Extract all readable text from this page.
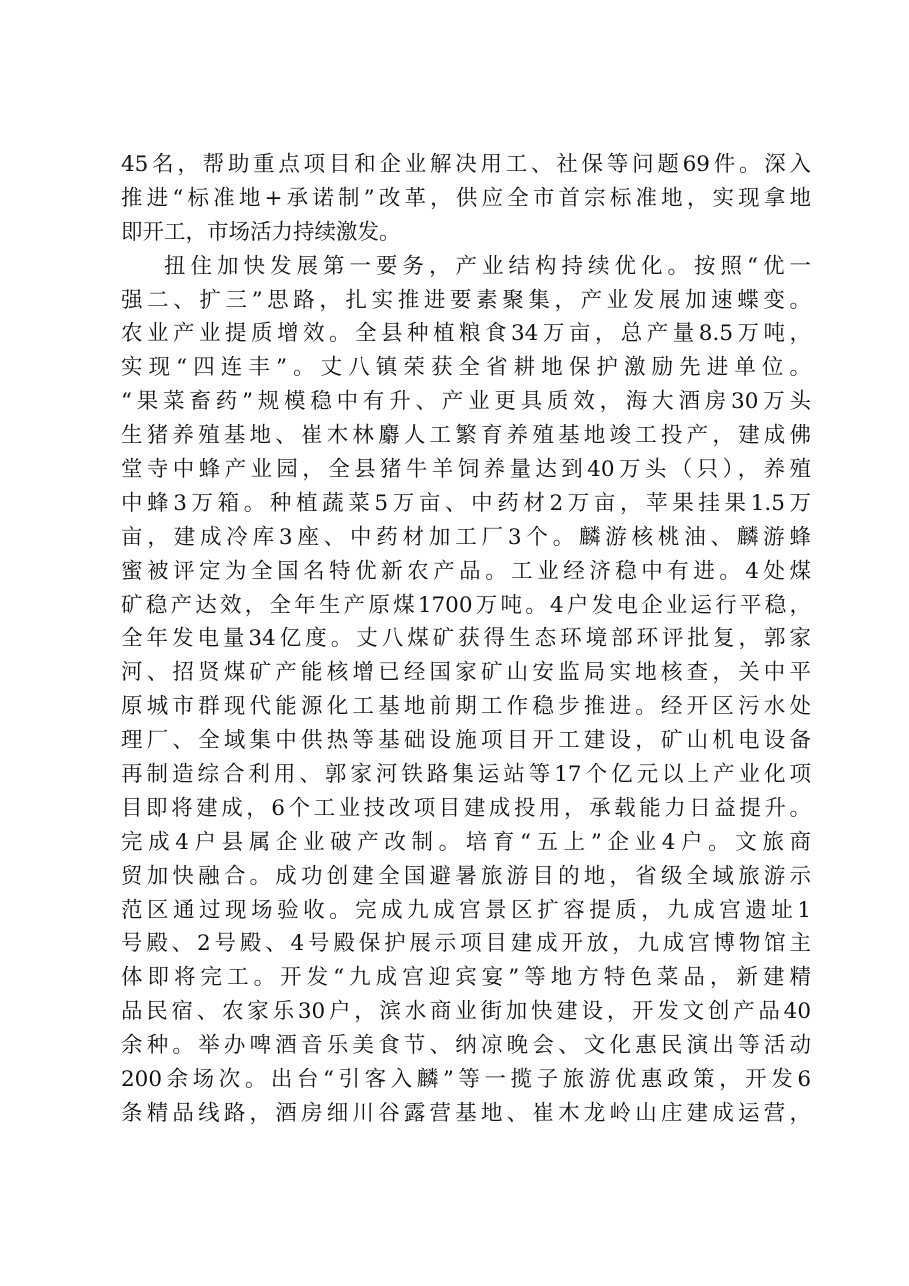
45名，帮助重点项目和企业解决用工、社保等问题69件。深入
推进“标准地+承诺制”改革，供应全市首宗标准地，实现拿地
即开工，市场活力持续激发。
扭住加快发展第一要务，产业结构持续优化。按照“优一
强二、扩三”思路，扎实推进要素聚集，产业发展加速蝶变。
农业产业提质增效。全县种植粮食34万亩，总产量8.5万吨，
实现“四连丰”。丈八镇荣获全省耕地保护激励先进单位。
“果菜畜药”规模稳中有升、产业更具质效，海大酒房30万头
生猪养殖基地、崔木林麝人工繁育养殖基地竣工投产，建成佛
堂寺中蜂产业园，全县猪牛羊饲养量达到40万头（只），养殖
中蜂3万箱。种植蔬菜5万亩、中药材2万亩，苹果挂果1.5万
亩，建成冷库3座、中药材加工厂3个。麟游核桃油、麟游蜂
蜜被评定为全国名特优新农产品。工业经济稳中有进。4处煤
矿稳产达效，全年生产原煤1700万吨。4户发电企业运行平稳，
全年发电量34亿度。丈八煤矿获得生态环境部环评批复，郭家
河、招贤煤矿产能核增已经国家矿山安监局实地核查，关中平
原城市群现代能源化工基地前期工作稳步推进。经开区污水处
理厂、全域集中供热等基础设施项目开工建设，矿山机电设备
再制造综合利用、郭家河铁路集运站等17个亿元以上产业化项
目即将建成，6个工业技改项目建成投用，承载能力日益提升。
完成4户县属企业破产改制。培育“五上”企业4户。文旅商
贸加快融合。成功创建全国避暑旅游目的地，省级全域旅游示
范区通过现场验收。完成九成宫景区扩容提质，九成宫遗址1
号殿、2号殿、4号殿保护展示项目建成开放，九成宫博物馆主
体即将完工。开发“九成宫迎宾宴”等地方特色菜品，新建精
品民宿、农家乐30户，滨水商业街加快建设，开发文创产品40
余种。举办啤酒音乐美食节、纳凉晚会、文化惠民演出等活动
200余场次。出台“引客入麟”等一揽子旅游优惠政策，开发6
条精品线路，酒房细川谷露营基地、崔木龙岭山庄建成运营，
